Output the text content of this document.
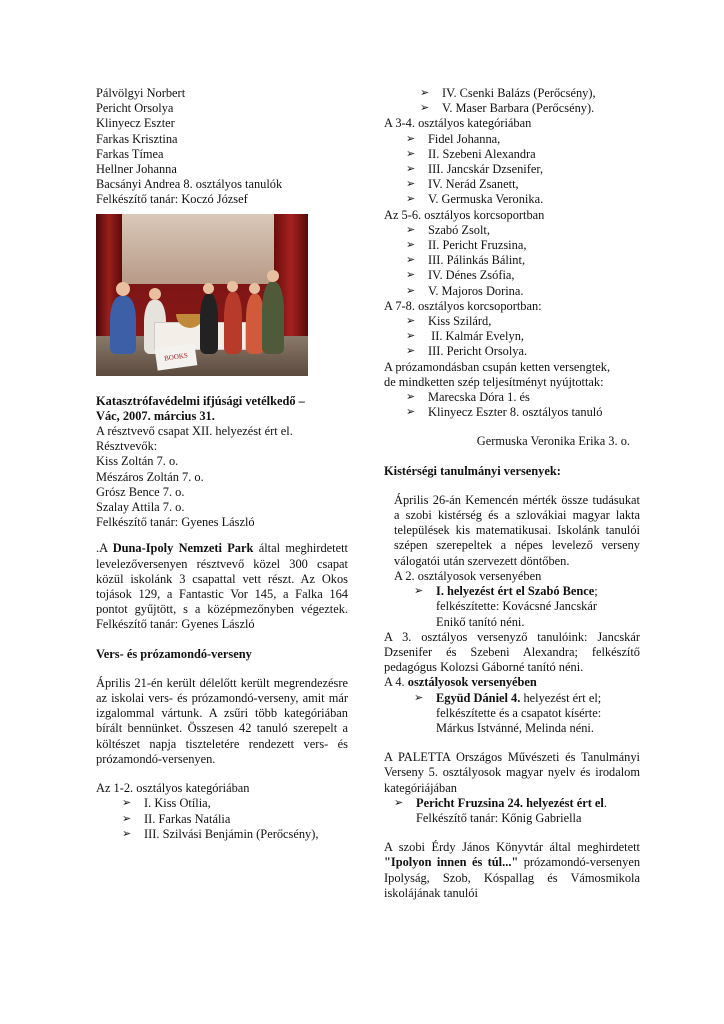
Pálvölgyi Norbert
Pericht Orsolya
Klinyecz Eszter
Farkas Krisztina
Farkas Tímea
Hellner Johanna
Bacsányi Andrea 8. osztályos tanulók
Felkészítő tanár: Koczó József
BOOKS
Katasztrófavédelmi ifjúsági vetélkedő –
Vác, 2007. március 31.
A résztvevő csapat XII. helyezést ért el.
Résztvevők:
Kiss Zoltán 7. o.
Mészáros Zoltán 7. o.
Grósz Bence 7. o.
Szalay Attila 7. o.
Felkészítő tanár: Gyenes László
.A Duna-Ipoly Nemzeti Park által meghirdetett levelezőversenyen résztvevő közel 300 csapat közül iskolánk 3 csapattal vett részt. Az Okos tojások 129, a Fantastic Vor 145, a Falka 164 pontot gyűjtött, s a középmezőnyben végeztek. Felkészítő tanár: Gyenes László
Vers- és prózamondó-verseny
Április 21-én került délelőtt került megrendezésre az iskolai vers- és prózamondó-verseny, amit már izgalommal vártunk. A zsűri több kategóriában bírált bennünket. Összesen 42 tanuló szerepelt a költészet napja tiszteletére rendezett vers- és prózamondó-versenyen.
Az 1-2. osztályos kategóriában
➢	I. Kiss Otília,
➢	II. Farkas Natália
➢	III. Szilvási Benjámin (Perőcsény),
➢	IV. Csenki Balázs (Perőcsény),
➢	V. Maser Barbara (Perőcsény).
A 3-4. osztályos kategóriában
➢	Fidel Johanna,
➢	II. Szebeni Alexandra
➢	III. Jancskár Dzsenifer,
➢	IV. Nerád Zsanett,
➢	V. Germuska Veronika.
Az 5-6. osztályos korcsoportban
➢	Szabó Zsolt,
➢	II. Pericht Fruzsina,
➢	III. Pálinkás Bálint,
➢	IV. Dénes Zsófia,
➢	V. Majoros Dorina.
A 7-8. osztályos korcsoportban:
➢	Kiss Szilárd,
➢	II. Kalmár Evelyn,
➢	III. Pericht Orsolya.
A prózamondásban csupán ketten versengtek,
de mindketten szép teljesítményt nyújtottak:
➢	Marecska Dóra 1. és
➢	Klinyecz Eszter 8. osztályos tanuló
Germuska Veronika Erika 3. o.
Kistérségi tanulmányi versenyek:
Április 26-án Kemencén mérték össze tudásukat a szobi kistérség és a szlovákiai magyar lakta települések kis matematikusai. Iskolánk tanulói szépen szerepeltek a népes levelező verseny válogatói után szervezett döntőben.
A 2. osztályosok versenyében
➢	I. helyezést ért el Szabó Bence;
felkészítette: Kovácsné Jancskár
Enikő tanító néni.
A 3. osztályos versenyző tanulóink: Jancskár Dzsenifer és Szebeni Alexandra; felkészítő pedagógus Kolozsi Gáborné tanító néni.
A 4. osztályosok versenyében
➢	Együd Dániel 4. helyezést ért el;
felkészítette és a csapatot kísérte:
Márkus Istvánné, Melinda néni.
A PALETTA Országos Művészeti és Tanulmányi Verseny 5. osztályosok magyar nyelv és irodalom kategóriájában
➢	Pericht Fruzsina 24. helyezést ért el.
Felkészítő tanár: Kőnig Gabriella
A szobi Érdy János Könyvtár által meghirdetett "Ipolyon innen és túl..." prózamondó-versenyen Ipolyság, Szob, Kóspallag és Vámosmikola iskolájának tanulói
